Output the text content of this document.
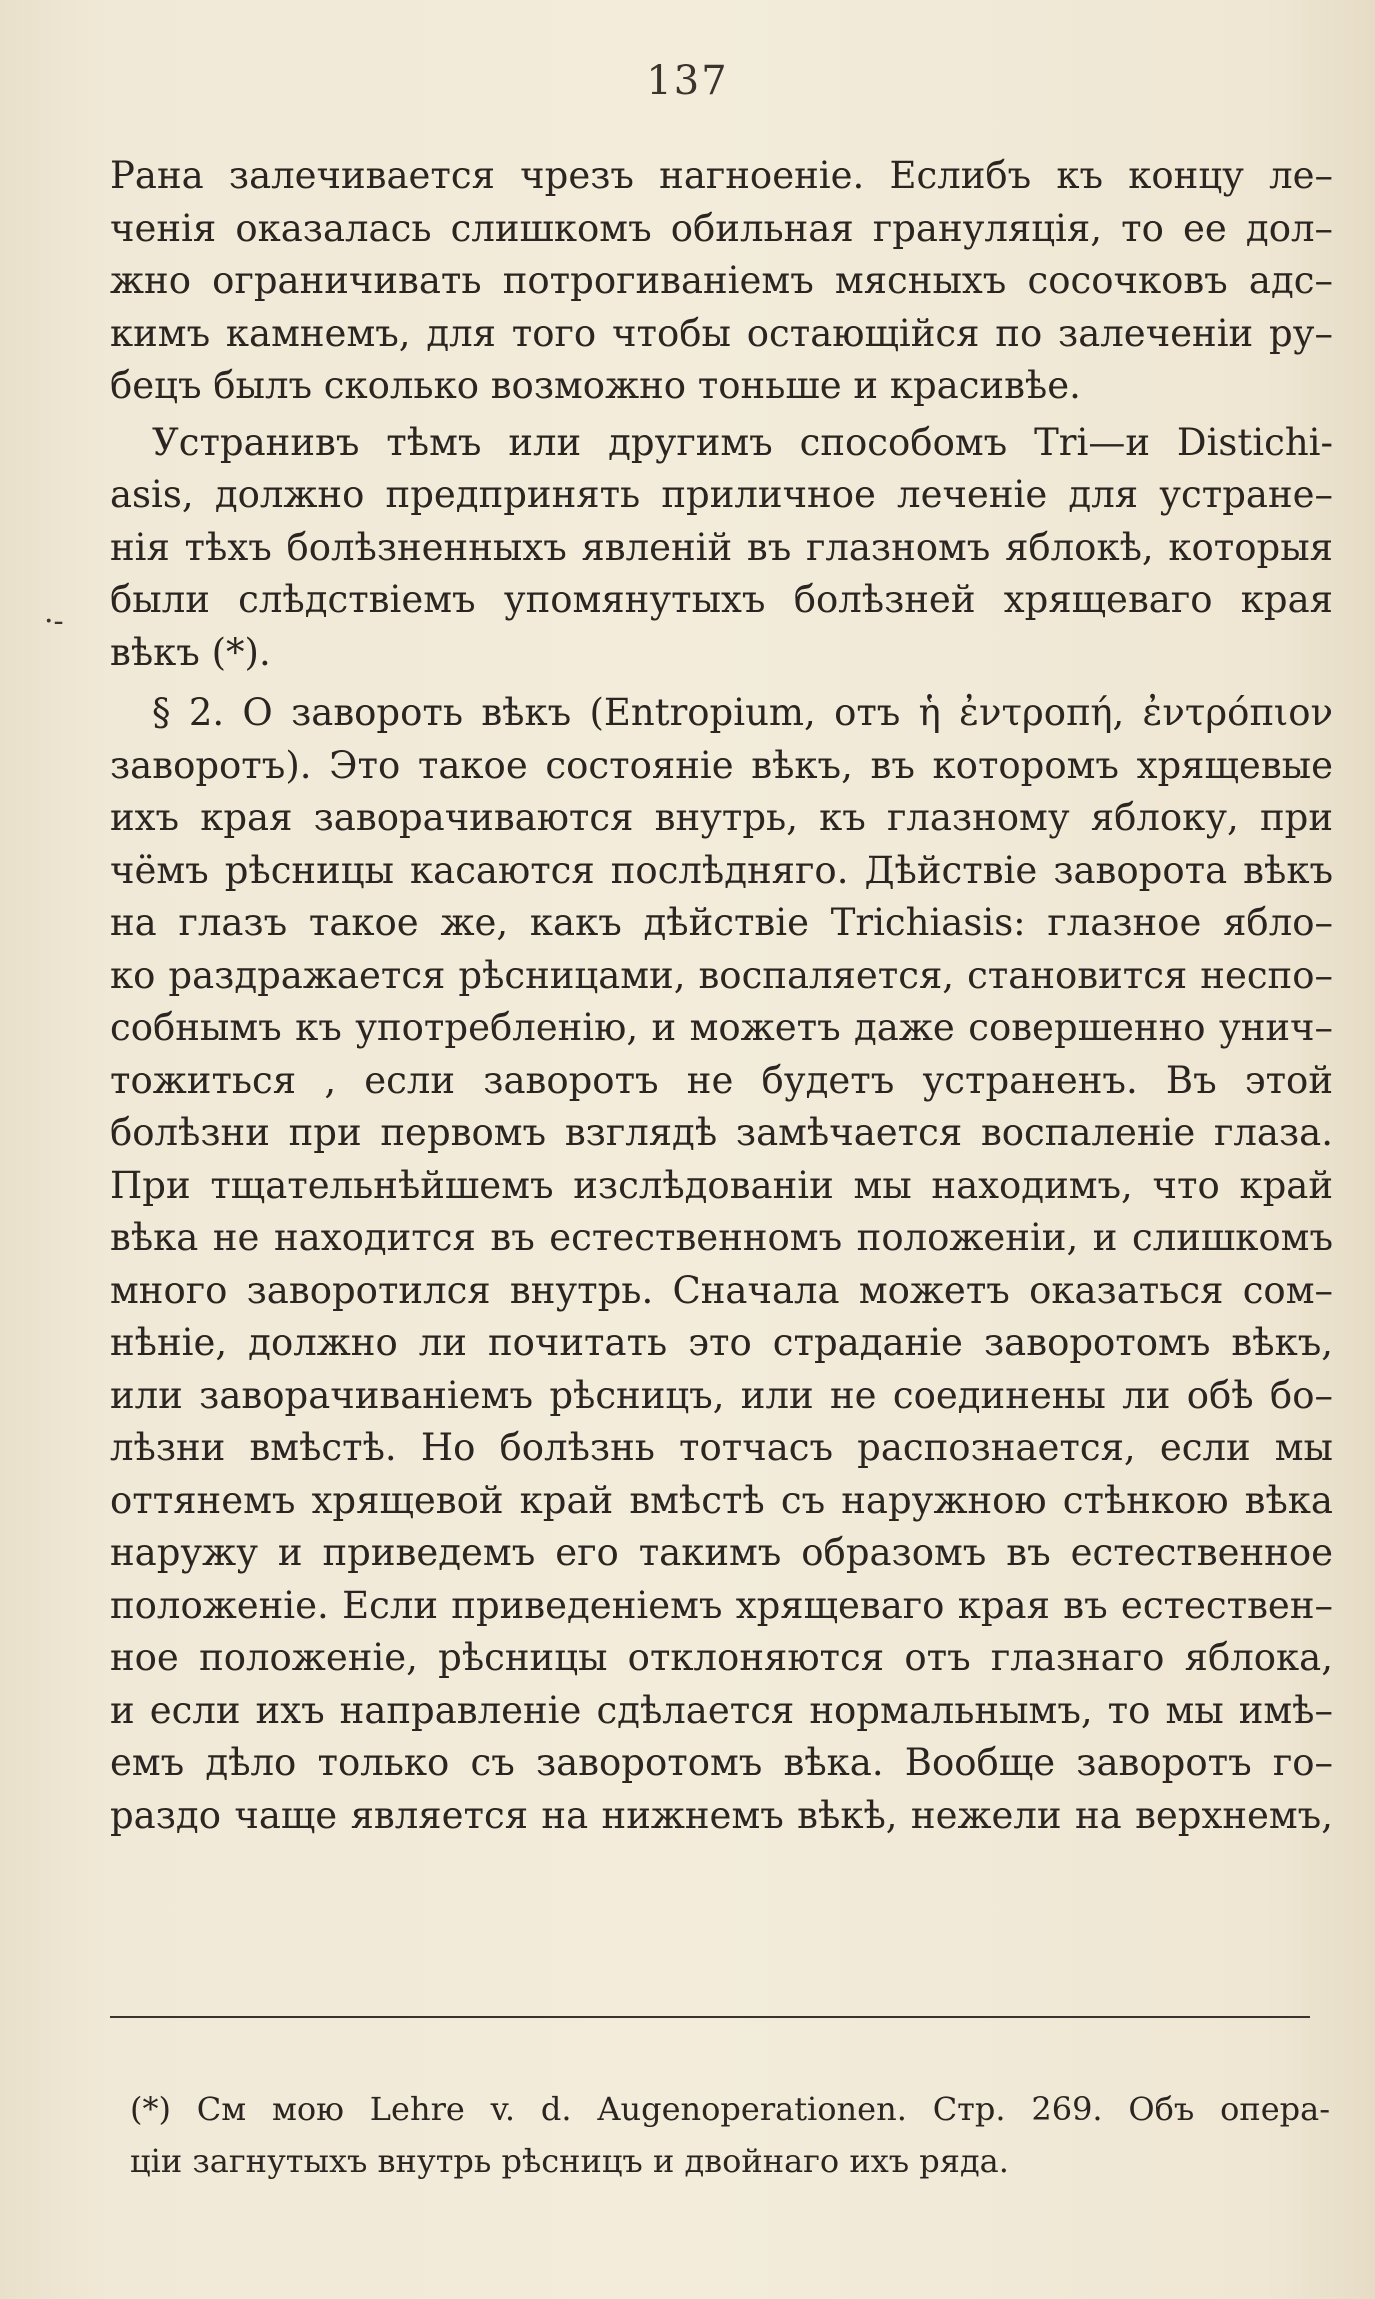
137
·-
Рана залечивается чрезъ нагноеніе. Еслибъ къ концу ле–
ченія оказалась слишкомъ обильная грануляція, то ее дол–
жно ограничивать потрогиваніемъ мясныхъ сосочковъ адс–
кимъ камнемъ, для того чтобы остающійся по залеченіи ру–
бецъ былъ сколько возможно тоньше и красивѣе.
Устранивъ тѣмъ или другимъ способомъ Tri—и Distichi-
asis, должно предпринять приличное леченіе для устране–
нія тѣхъ болѣзненныхъ явленій въ глазномъ яблокѣ, которыя
были слѣдствіемъ упомянутыхъ болѣзней хрящеваго края
вѣкъ (*).
§ 2. О завороть вѣкъ (Entropium, отъ ἡ ἐντροπή, ἐντρόπιον
заворотъ). Это такое состояніе вѣкъ, въ которомъ хрящевые
ихъ края заворачиваются внутрь, къ глазному яблоку, при
чёмъ рѣсницы касаются послѣдняго. Дѣйствіе заворота вѣкъ
на глазъ такое же, какъ дѣйствіе Trichiasis: глазное ябло–
ко раздражается рѣсницами, воспаляется, становится неспо–
собнымъ къ употребленію, и можетъ даже совершенно унич–
тожиться , если заворотъ не будетъ устраненъ. Въ этой
болѣзни при первомъ взглядѣ замѣчается воспаленіе глаза.
При тщательнѣйшемъ изслѣдованіи мы находимъ, что край
вѣка не находится въ естественномъ положеніи, и слишкомъ
много заворотился внутрь. Сначала можетъ оказаться сом–
нѣніе, должно ли почитать это страданіе заворотомъ вѣкъ,
или заворачиваніемъ рѣсницъ, или не соединены ли обѣ бо–
лѣзни вмѣстѣ. Но болѣзнь тотчасъ распознается, если мы
оттянемъ хрящевой край вмѣстѣ съ наружною стѣнкою вѣка
наружу и приведемъ его такимъ образомъ въ естественное
положеніе. Если приведеніемъ хрящеваго края въ естествен–
ное положеніе, рѣсницы отклоняются отъ глазнаго яблока,
и если ихъ направленіе сдѣлается нормальнымъ, то мы имѣ–
емъ дѣло только съ заворотомъ вѣка. Вообще заворотъ го–
раздо чаще является на нижнемъ вѣкѣ, нежели на верхнемъ,
(*) См мою Lehre v. d. Augenoperationen. Стр. 269. Объ опера-
ціи загнутыхъ внутрь рѣсницъ и двойнаго ихъ ряда.
